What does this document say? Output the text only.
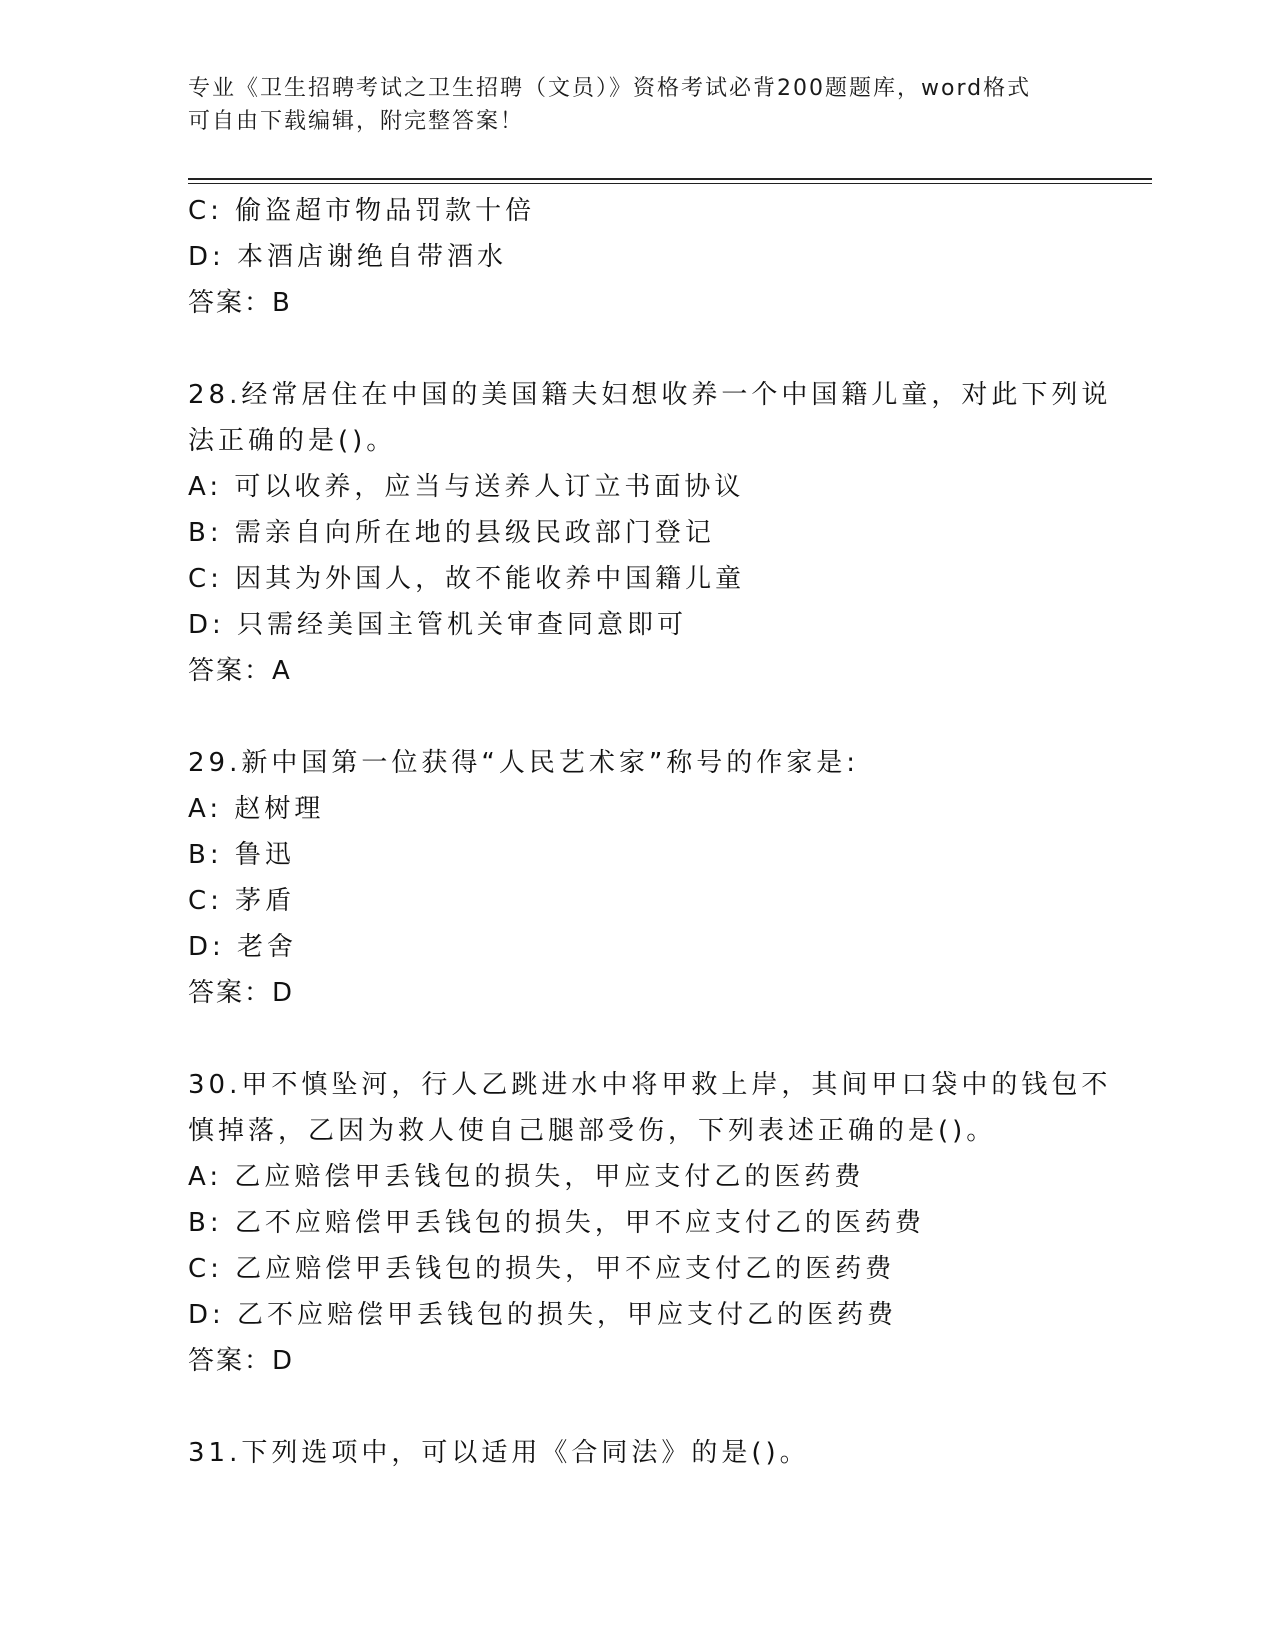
专业《卫生招聘考试之卫生招聘（文员）》资格考试必背200题题库，word格式
可自由下载编辑，附完整答案！
C: 偷盗超市物品罚款十倍
D: 本酒店谢绝自带酒水
答案：B
28.经常居住在中国的美国籍夫妇想收养一个中国籍儿童，对此下列说
法正确的是()。
A: 可以收养，应当与送养人订立书面协议
B: 需亲自向所在地的县级民政部门登记
C: 因其为外国人，故不能收养中国籍儿童
D: 只需经美国主管机关审查同意即可
答案：A
29.新中国第一位获得“人民艺术家”称号的作家是:
A: 赵树理
B: 鲁迅
C: 茅盾
D: 老舍
答案：D
30.甲不慎坠河，行人乙跳进水中将甲救上岸，其间甲口袋中的钱包不
慎掉落，乙因为救人使自己腿部受伤，下列表述正确的是()。
A: 乙应赔偿甲丢钱包的损失，甲应支付乙的医药费
B: 乙不应赔偿甲丢钱包的损失，甲不应支付乙的医药费
C: 乙应赔偿甲丢钱包的损失，甲不应支付乙的医药费
D: 乙不应赔偿甲丢钱包的损失，甲应支付乙的医药费
答案：D
31.下列选项中，可以适用《合同法》的是()。
